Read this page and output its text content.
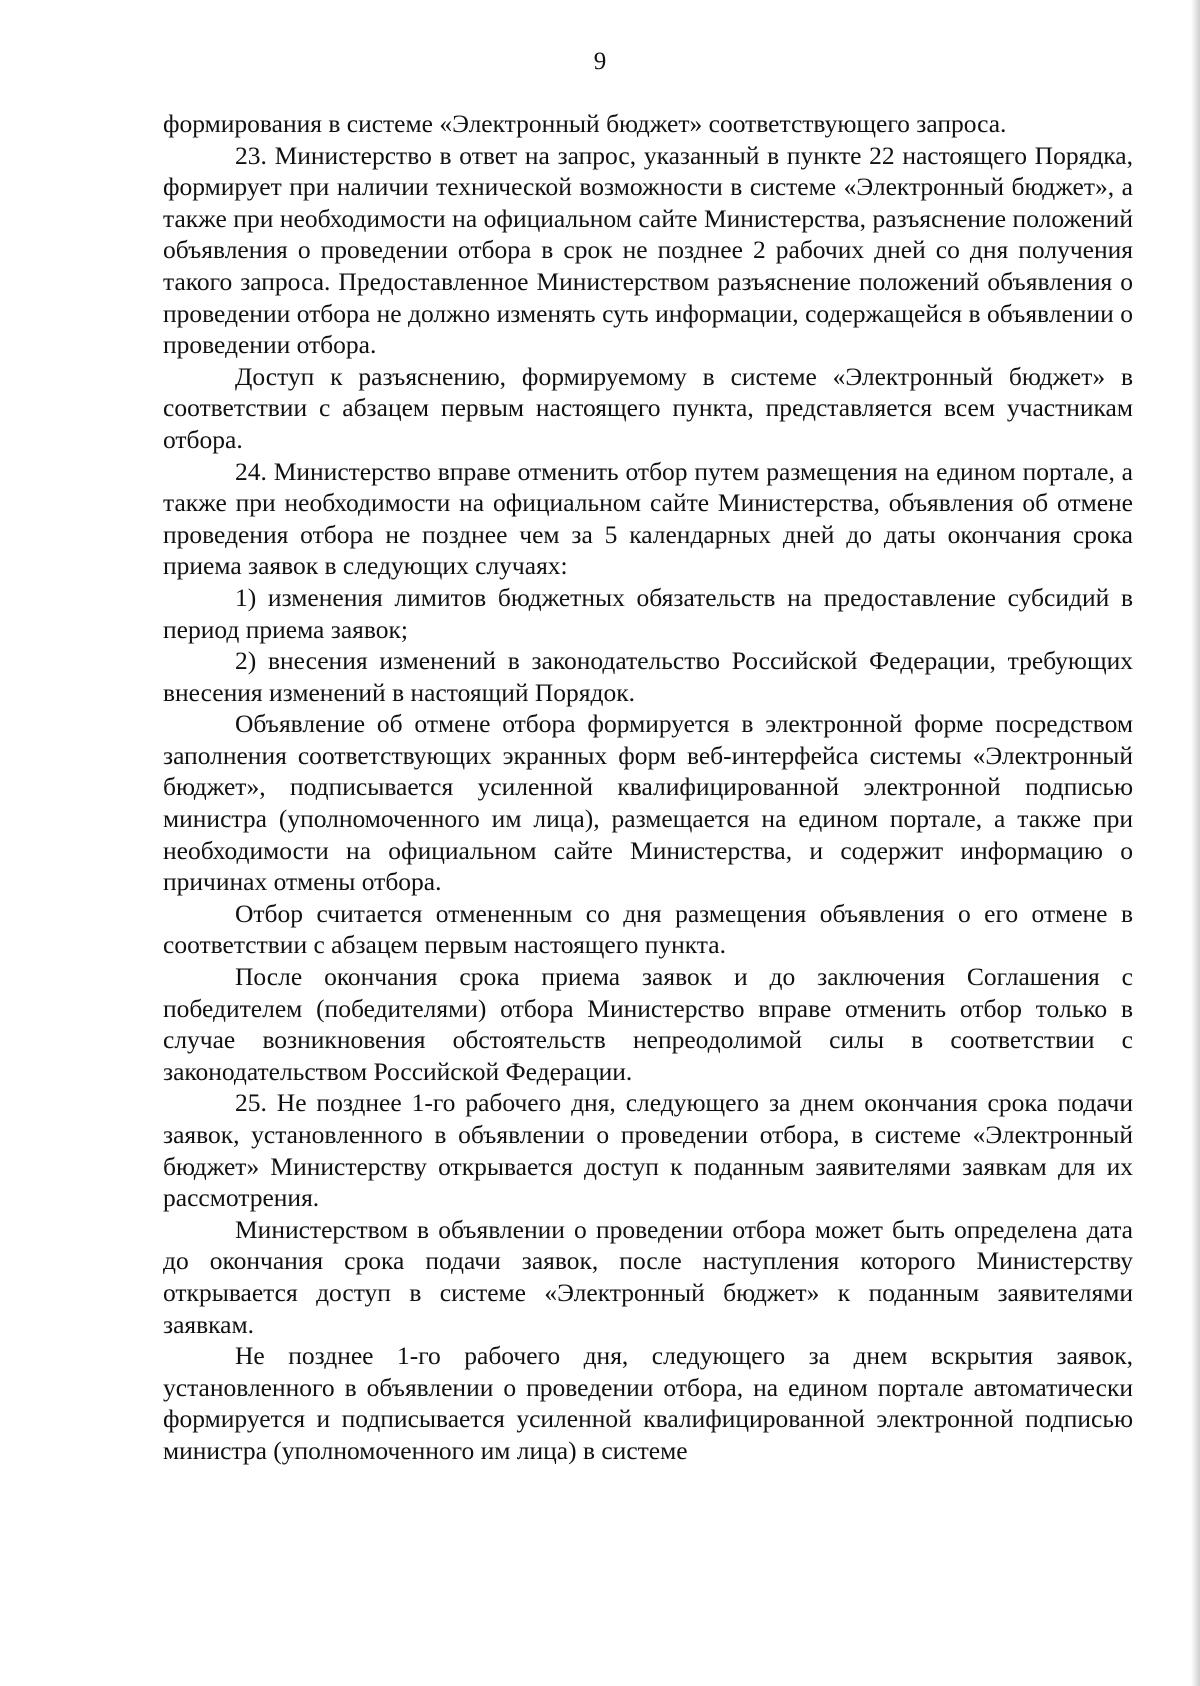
9

формирования в системе «Электронный бюджет» соответствующего запроса.

23. Министерство в ответ на запрос, указанный в пункте 22 настоящего Порядка, формирует при наличии технической возможности в системе «Электронный бюджет», а также при необходимости на официальном сайте Министерства, разъяснение положений объявления о проведении отбора в срок не позднее 2 рабочих дней со дня получения такого запроса. Предоставленное Министерством разъяснение положений объявления о проведении отбора не должно изменять суть информации, содержащейся в объявлении о проведении отбора.

Доступ к разъяснению, формируемому в системе «Электронный бюджет» в соответствии с абзацем первым настоящего пункта, представляется всем участникам отбора.

24. Министерство вправе отменить отбор путем размещения на едином портале, а также при необходимости на официальном сайте Министерства, объявления об отмене проведения отбора не позднее чем за 5 календарных дней до даты окончания срока приема заявок в следующих случаях:

1) изменения лимитов бюджетных обязательств на предоставление субсидий в период приема заявок;

2) внесения изменений в законодательство Российской Федерации, требующих внесения изменений в настоящий Порядок.

Объявление об отмене отбора формируется в электронной форме посредством заполнения соответствующих экранных форм веб-интерфейса системы «Электронный бюджет», подписывается усиленной квалифицированной электронной подписью министра (уполномоченного им лица), размещается на едином портале, а также при необходимости на официальном сайте Министерства, и содержит информацию о причинах отмены отбора.

Отбор считается отмененным со дня размещения объявления о его отмене в соответствии с абзацем первым настоящего пункта.

После окончания срока приема заявок и до заключения Соглашения с победителем (победителями) отбора Министерство вправе отменить отбор только в случае возникновения обстоятельств непреодолимой силы в соответствии с законодательством Российской Федерации.

25. Не позднее 1-го рабочего дня, следующего за днем окончания срока подачи заявок, установленного в объявлении о проведении отбора, в системе «Электронный бюджет» Министерству открывается доступ к поданным заявителями заявкам для их рассмотрения.

Министерством в объявлении о проведении отбора может быть определена дата до окончания срока подачи заявок, после наступления которого Министерству открывается доступ в системе «Электронный бюджет» к поданным заявителями заявкам.

Не позднее 1-го рабочего дня, следующего за днем вскрытия заявок, установленного в объявлении о проведении отбора, на едином портале автоматически формируется и подписывается усиленной квалифицированной электронной подписью министра (уполномоченного им лица) в системе
